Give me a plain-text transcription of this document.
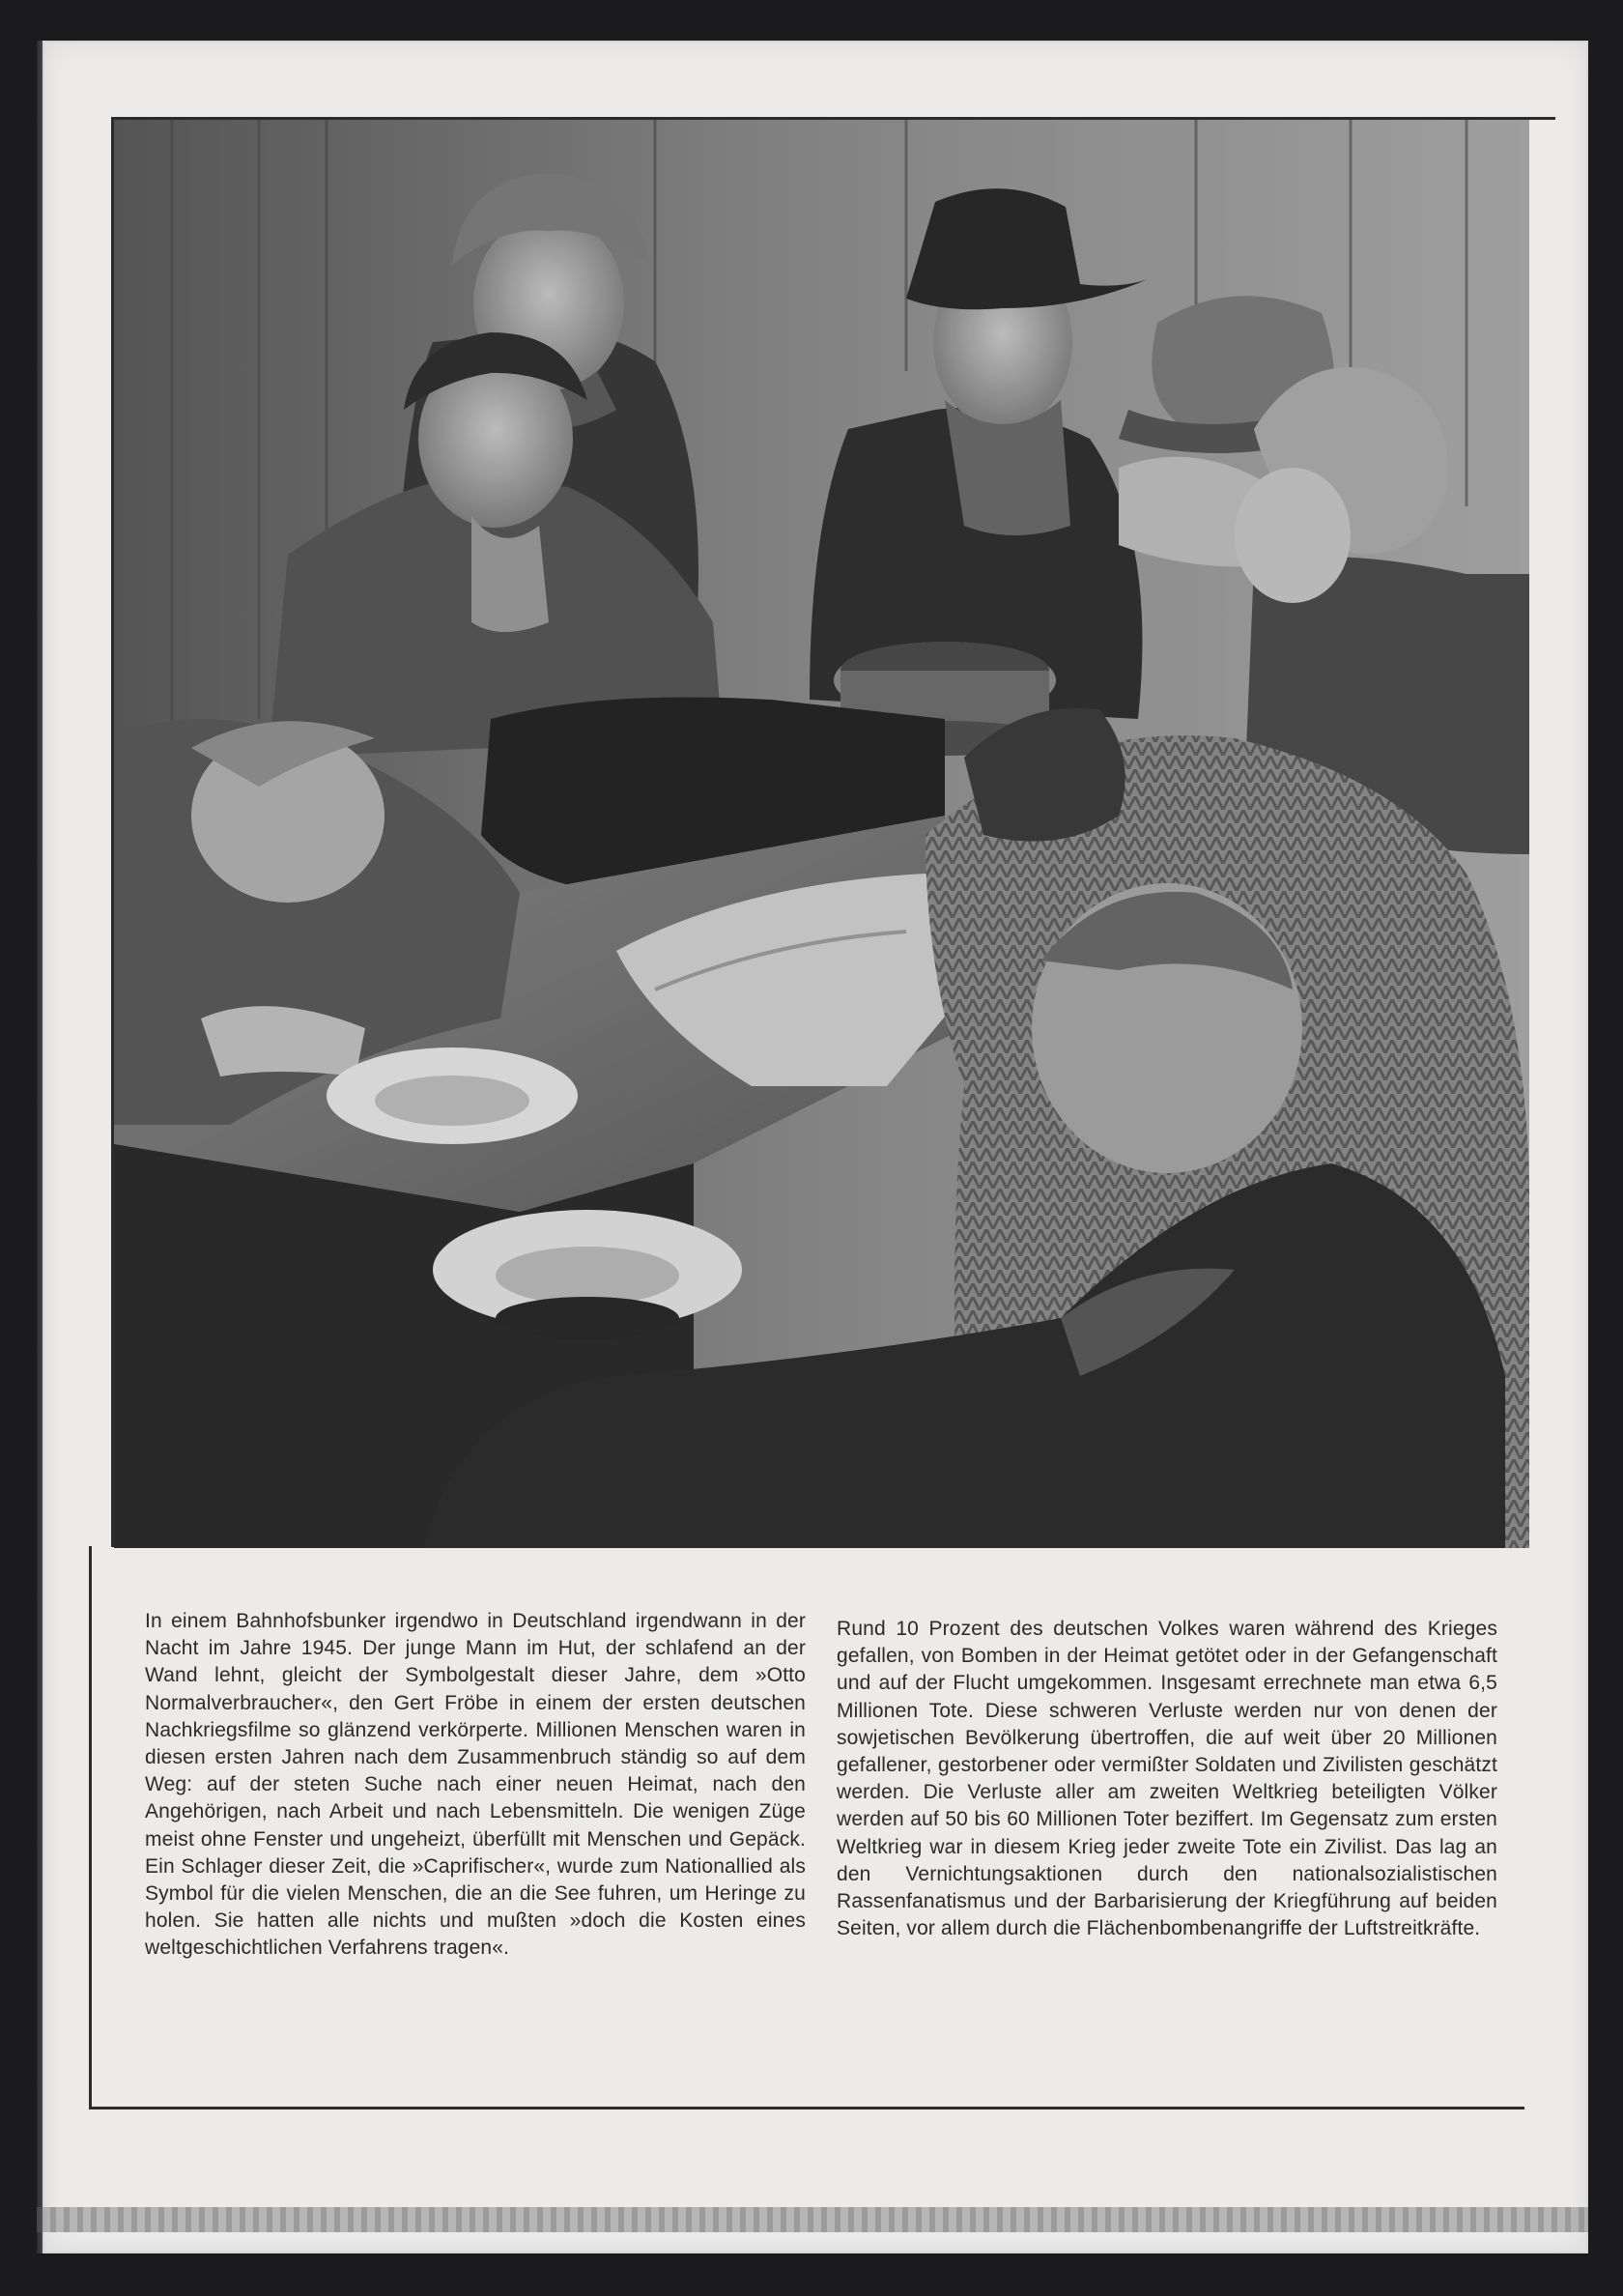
In einem Bahnhofsbunker irgendwo in Deutschland irgendwann in der Nacht im Jahre 1945. Der junge Mann im Hut, der schlafend an der Wand lehnt, gleicht der Symbolgestalt dieser Jahre, dem »Otto Normalverbraucher«, den Gert Fröbe in einem der ersten deutschen Nachkriegsfilme so glänzend verkörperte. Millionen Menschen waren in diesen ersten Jahren nach dem Zusammenbruch ständig so auf dem Weg: auf der steten Suche nach einer neuen Heimat, nach den Angehörigen, nach Arbeit und nach Lebensmitteln. Die wenigen Züge meist ohne Fenster und ungeheizt, überfüllt mit Menschen und Gepäck. Ein Schlager dieser Zeit, die »Caprifischer«, wurde zum Nationallied als Symbol für die vielen Menschen, die an die See fuhren, um Heringe zu holen. Sie hatten alle nichts und mußten »doch die Kosten eines weltgeschichtlichen Verfahrens tragen«.
Rund 10 Prozent des deutschen Volkes waren während des Krieges gefallen, von Bomben in der Heimat getötet oder in der Gefangenschaft und auf der Flucht umgekommen. Insgesamt errechnete man etwa 6,5 Millionen Tote. Diese schweren Verluste werden nur von denen der sowjetischen Bevölkerung übertroffen, die auf weit über 20 Millionen gefallener, gestorbener oder vermißter Soldaten und Zivilisten geschätzt werden. Die Verluste aller am zweiten Weltkrieg beteiligten Völker werden auf 50 bis 60 Millionen Toter beziffert. Im Gegensatz zum ersten Weltkrieg war in diesem Krieg jeder zweite Tote ein Zivilist. Das lag an den Vernichtungsaktionen durch den nationalsozialistischen Rassenfanatismus und der Barbarisierung der Kriegführung auf beiden Seiten, vor allem durch die Flächenbombenangriffe der Luftstreitkräfte.
